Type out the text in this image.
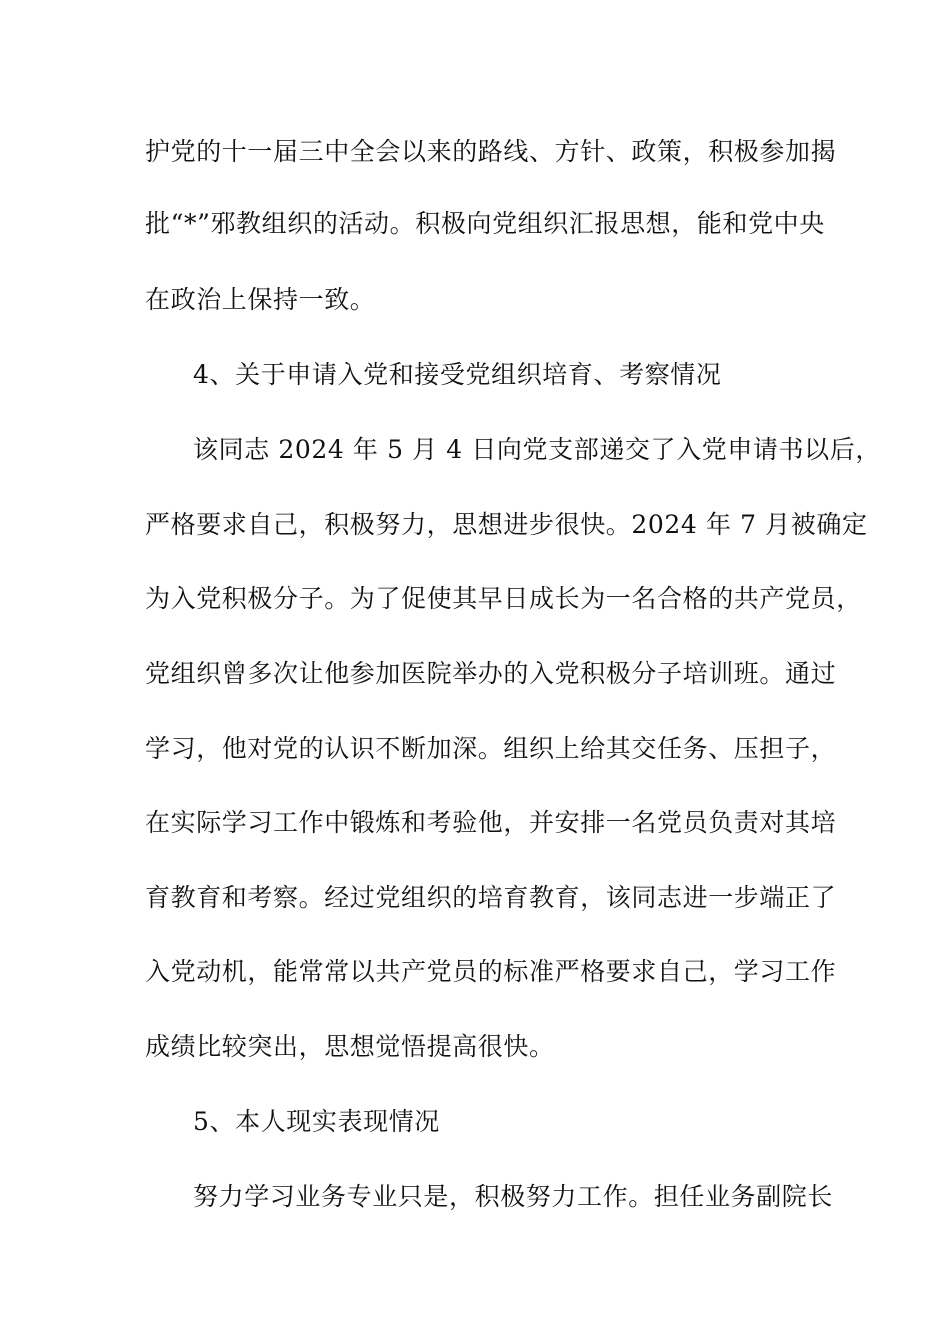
护党的十一届三中全会以来的路线、方针、政策，积极参加揭
批“*”邪教组织的活动。积极向党组织汇报思想，能和党中央
在政治上保持一致。
4、关于申请入党和接受党组织培育、考察情况
该同志 2024 年 5 月 4 日向党支部递交了入党申请书以后，
严格要求自己，积极努力，思想进步很快。2024 年 7 月被确定
为入党积极分子。为了促使其早日成长为一名合格的共产党员，
党组织曾多次让他参加医院举办的入党积极分子培训班。通过
学习，他对党的认识不断加深。组织上给其交任务、压担子，
在实际学习工作中锻炼和考验他，并安排一名党员负责对其培
育教育和考察。经过党组织的培育教育，该同志进一步端正了
入党动机，能常常以共产党员的标准严格要求自己，学习工作
成绩比较突出，思想觉悟提高很快。
5、本人现实表现情况
努力学习业务专业只是，积极努力工作。担任业务副院长
